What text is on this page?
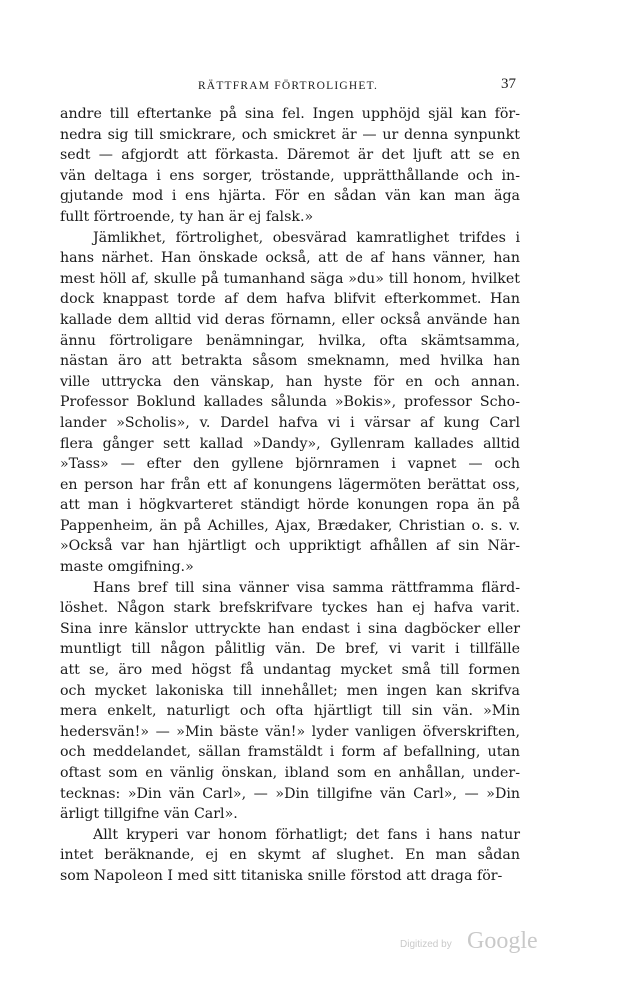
RÄTTFRAM FÖRTROLIGHET.	37
andre till eftertanke på sina fel. Ingen upphöjd själ kan för-
nedra sig till smickrare, och smickret är — ur denna synpunkt
sedt — afgjordt att förkasta. Däremot är det ljuft att se en
vän deltaga i ens sorger, tröstande, upprätthållande och in-
gjutande mod i ens hjärta. För en sådan vän kan man äga
fullt förtroende, ty han är ej falsk.»
Jämlikhet, förtrolighet, obesvärad kamratlighet trifdes i
hans närhet. Han önskade också, att de af hans vänner, han
mest höll af, skulle på tumanhand säga »du» till honom, hvilket
dock knappast torde af dem hafva blifvit efterkommet. Han
kallade dem alltid vid deras förnamn, eller också använde han
ännu förtroligare benämningar, hvilka, ofta skämtsamma,
nästan äro att betrakta såsom smeknamn, med hvilka han
ville uttrycka den vänskap, han hyste för en och annan.
Professor Boklund kallades sålunda »Bokis», professor Scho-
lander »Scholis», v. Dardel hafva vi i värsar af kung Carl
flera gånger sett kallad »Dandy», Gyllenram kallades alltid
»Tass» — efter den gyllene björnramen i vapnet — och
en person har från ett af konungens lägermöten berättat oss,
att man i högkvarteret ständigt hörde konungen ropa än på
Pappenheim, än på Achilles, Ajax, Brædaker, Christian o. s. v.
»Också var han hjärtligt och uppriktigt afhållen af sin När-
maste omgifning.»
Hans bref till sina vänner visa samma rättframma flärd-
löshet. Någon stark brefskrifvare tyckes han ej hafva varit.
Sina inre känslor uttryckte han endast i sina dagböcker eller
muntligt till någon pålitlig vän. De bref, vi varit i tillfälle
att se, äro med högst få undantag mycket små till formen
och mycket lakoniska till innehållet; men ingen kan skrifva
mera enkelt, naturligt och ofta hjärtligt till sin vän. »Min
hedersvän!» — »Min bäste vän!» lyder vanligen öfverskriften,
och meddelandet, sällan framstäldt i form af befallning, utan
oftast som en vänlig önskan, ibland som en anhållan, under-
tecknas: »Din vän Carl», — »Din tillgifne vän Carl», — »Din
ärligt tillgifne vän Carl».
Allt kryperi var honom förhatligt; det fans i hans natur
intet beräknande, ej en skymt af slughet. En man sådan
som Napoleon I med sitt titaniska snille förstod att draga för-
Digitized by Google
